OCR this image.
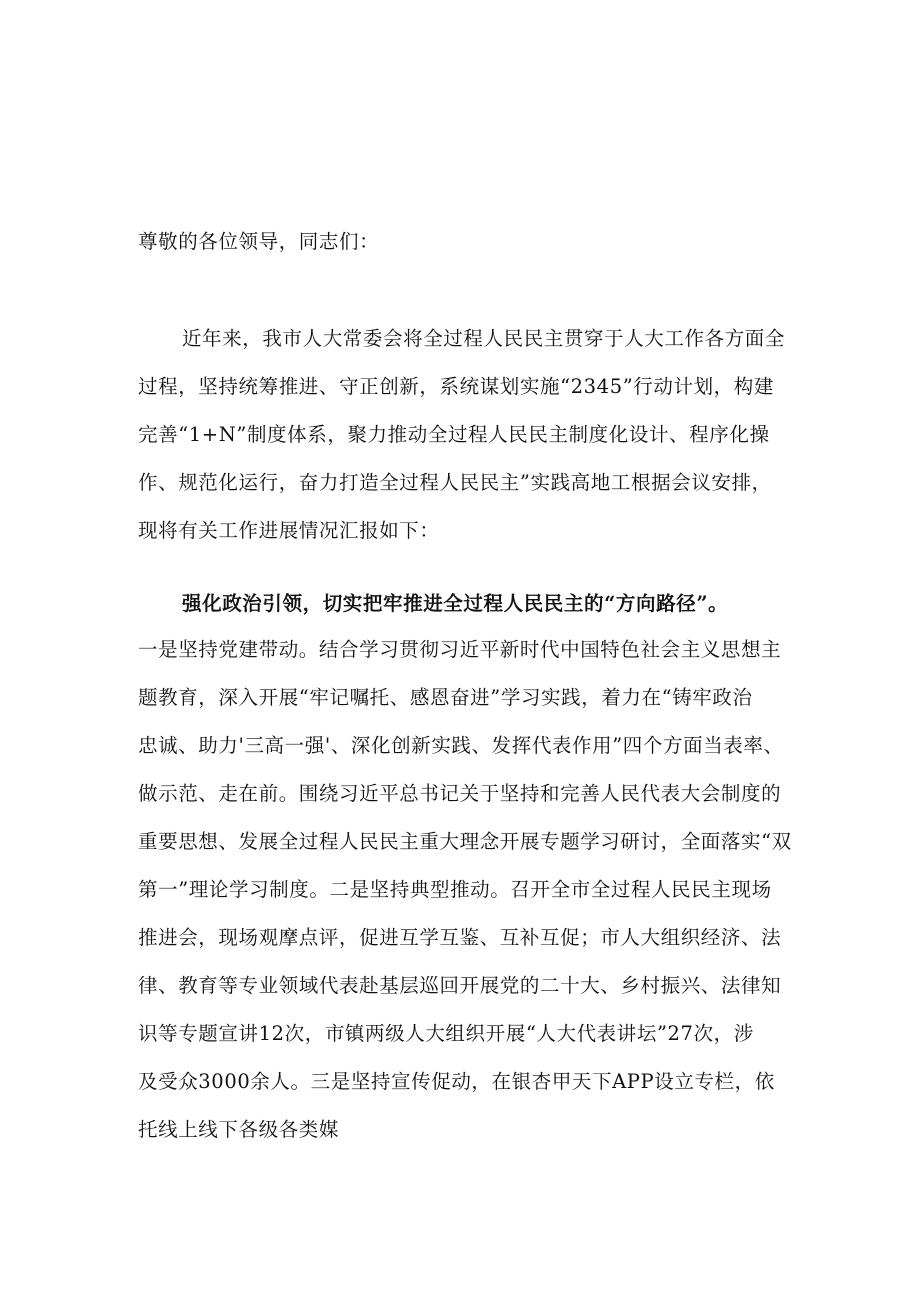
尊敬的各位领导，同志们：
近年来，我市人大常委会将全过程人民民主贯穿于人大工作各方面全
过程，坚持统筹推进、守正创新，系统谋划实施“2345”行动计划，构建
完善“1+N”制度体系，聚力推动全过程人民民主制度化设计、程序化操
作、规范化运行，奋力打造全过程人民民主”实践高地工根据会议安排，
现将有关工作进展情况汇报如下：
强化政治引领，切实把牢推进全过程人民民主的“方向路径”。
一是坚持党建带动。结合学习贯彻习近平新时代中国特色社会主义思想主
题教育，深入开展“牢记嘱托、感恩奋进”学习实践，着力在“铸牢政治
忠诚、助力'三高一强'、深化创新实践、发挥代表作用”四个方面当表率、
做示范、走在前。围绕习近平总书记关于坚持和完善人民代表大会制度的
重要思想、发展全过程人民民主重大理念开展专题学习研讨，全面落实“双
第一”理论学习制度。二是坚持典型推动。召开全市全过程人民民主现场
推进会，现场观摩点评，促进互学互鉴、互补互促；市人大组织经济、法
律、教育等专业领域代表赴基层巡回开展党的二十大、乡村振兴、法律知
识等专题宣讲12次，市镇两级人大组织开展“人大代表讲坛”27次，涉
及受众3000余人。三是坚持宣传促动，在银杏甲天下APP设立专栏，依
托线上线下各级各类媒
